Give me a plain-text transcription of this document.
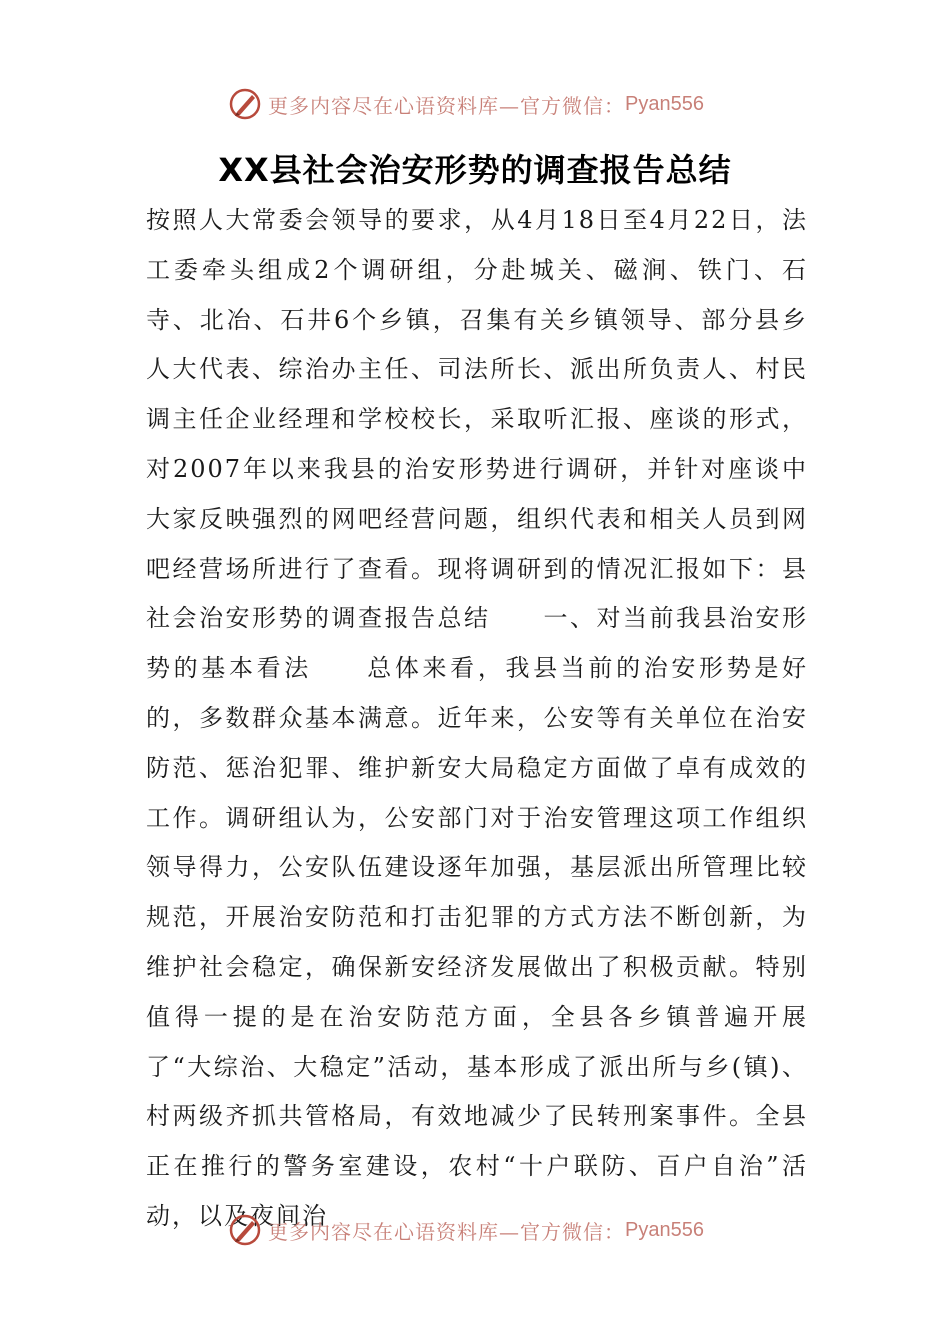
更多内容尽在心语资料库—官方微信： Pyan556
XX县社会治安形势的调查报告总结

按照人大常委会领导的要求，从4月18日至4月22日，法工委牵头组成2个调研组，分赴城关、磁涧、铁门、石寺、北冶、石井6个乡镇，召集有关乡镇领导、部分县乡人大代表、综治办主任、司法所长、派出所负责人、村民调主任企业经理和学校校长，采取听汇报、座谈的形式，对2007年以来我县的治安形势进行调研，并针对座谈中大家反映强烈的网吧经营问题，组织代表和相关人员到网吧经营场所进行了查看。现将调研到的情况汇报如下：县社会治安形势的调查报告总结　　一、对当前我县治安形势的基本看法　　总体来看，我县当前的治安形势是好的，多数群众基本满意。近年来，公安等有关单位在治安防范、惩治犯罪、维护新安大局稳定方面做了卓有成效的工作。调研组认为，公安部门对于治安管理这项工作组织领导得力，公安队伍建设逐年加强，基层派出所管理比较规范，开展治安防范和打击犯罪的方式方法不断创新，为维护社会稳定，确保新安经济发展做出了积极贡献。特别值得一提的是在治安防范方面，全县各乡镇普遍开展了“大综治、大稳定”活动，基本形成了派出所与乡(镇)、村两级齐抓共管格局，有效地减少了民转刑案事件。全县正在推行的警务室建设，农村“十户联防、百户自治”活动，以及夜间治

更多内容尽在心语资料库—官方微信： Pyan556
